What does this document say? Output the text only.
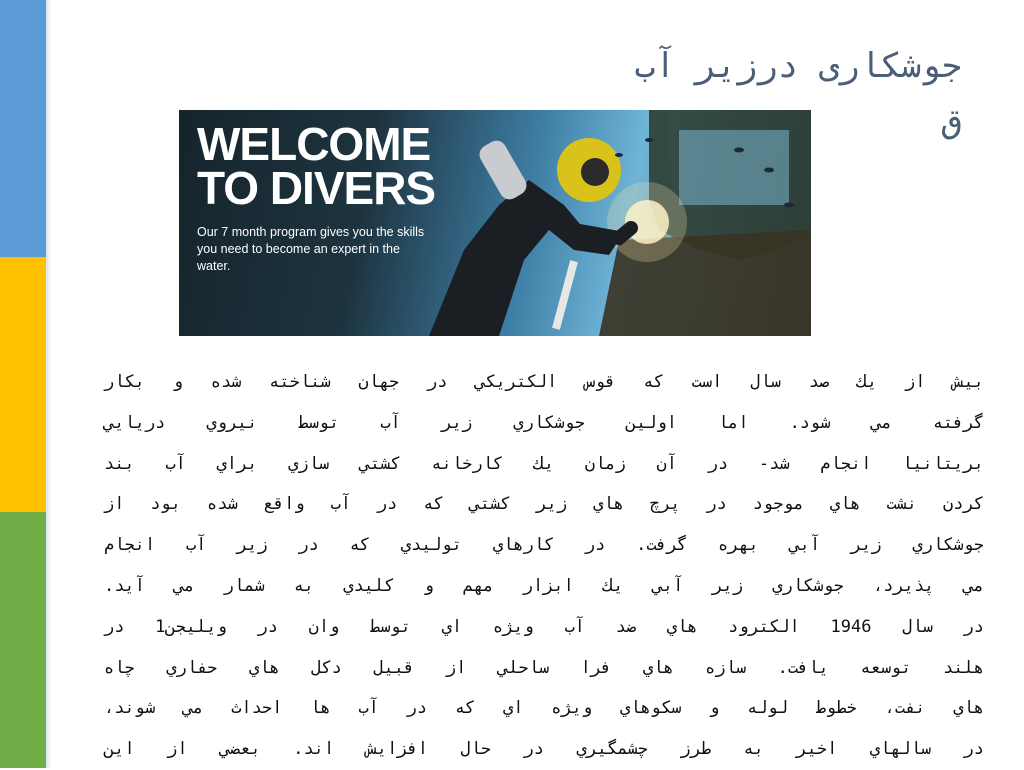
جوشکاری درزیر آب
ق
WELCOME
TO DIVERS
Our 7 month program gives you the skills you need to become an expert in the water.
بيش از يك صد سال است كه قوس الكتريكي در جهان شناخته شده و بكار
گرفته مي شود. اما اولين جوشكاري زير آب توسط نيروي دريايي
بريتانيا انجام شد- در آن زمان يك كارخانه كشتي سازي براي آب بند
كردن نشت هاي موجود در پرچ هاي زير كشتي كه در آب واقع شده بود از
جوشكاري زير آبي بهره گرفت. در كارهاي توليدي كه در زير آب انجام
مي پذيرد، جوشكاري زير آبي يك ابزار مهم و كليدي به شمار مي آيد.
در سال 1946 الكترود هاي ضد آب ويژه اي توسط وان در ويليجن1 در
هلند توسعه يافت. سازه هاي فرا ساحلي از قبيل دكل هاي حفاري چاه
هاي نفت، خطوط لوله و سكوهاي ويژه اي كه در آب ها احداث مي شوند،
در سالهاي اخير به طرز چشمگيري در حال افزايش اند. بعضي از اين
